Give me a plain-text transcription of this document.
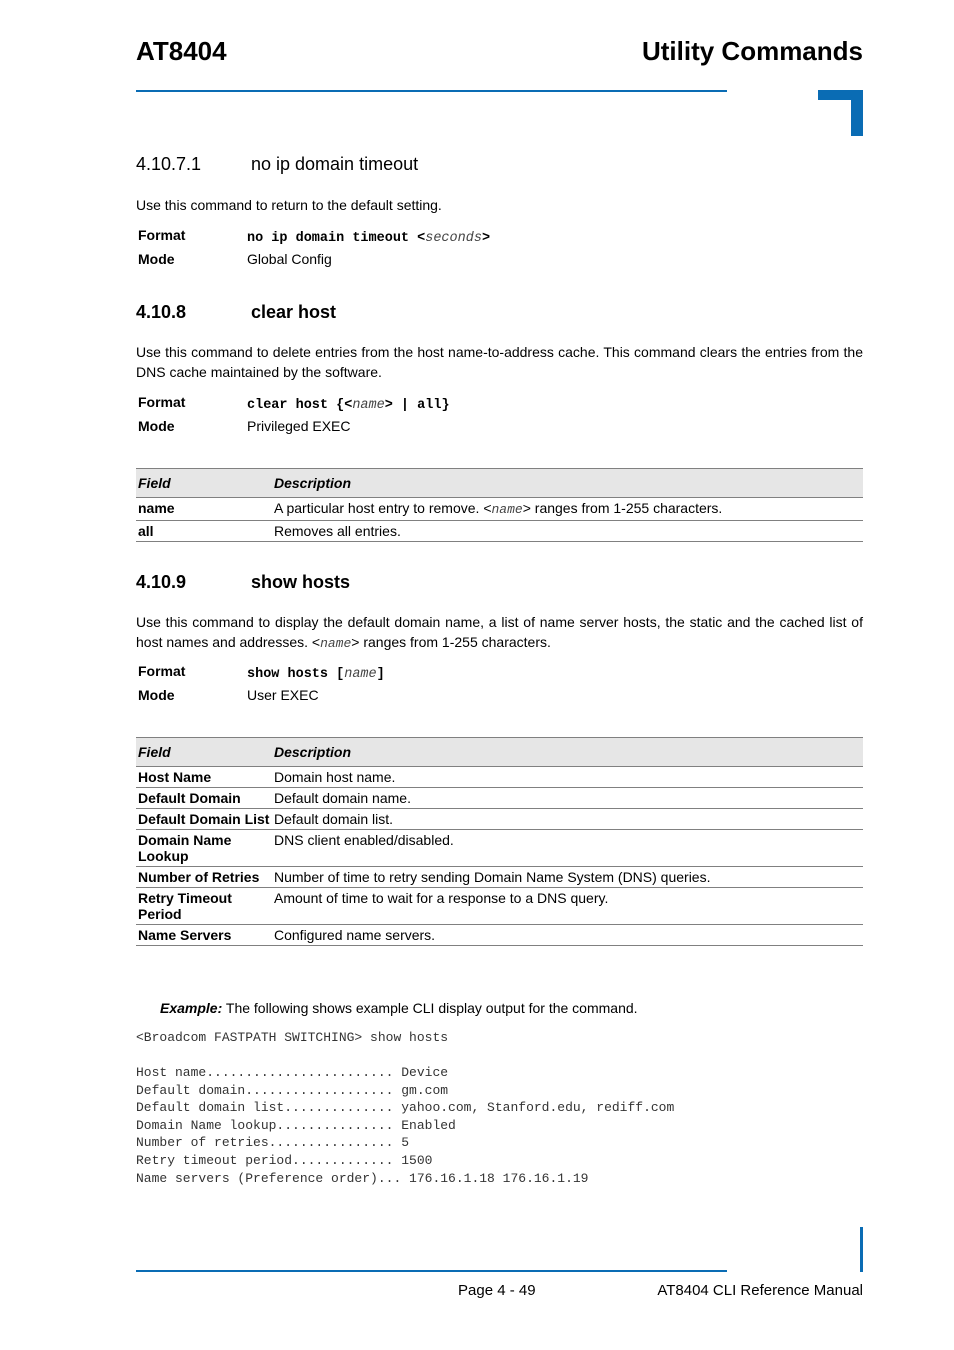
AT8404	Utility Commands
4.10.7.1	no ip domain timeout
Use this command to return to the default setting.
Format	no ip domain timeout <seconds>
Mode	Global Config
4.10.8	clear host
Use this command to delete entries from the host name-to-address cache. This command clears the entries from the DNS cache maintained by the software.
Format	clear host {<name> | all}
Mode	Privileged EXEC
Field	Description
name	A particular host entry to remove. <name> ranges from 1-255 characters.
all	Removes all entries.
4.10.9	show hosts
Use this command to display the default domain name, a list of name server hosts, the static and the cached list of host names and addresses. <name> ranges from 1-255 characters.
Format	show hosts [name]
Mode	User EXEC
Field	Description
Host Name	Domain host name.
Default Domain	Default domain name.
Default Domain List	Default domain list.
Domain Name Lookup	DNS client enabled/disabled.
Number of Retries	Number of time to retry sending Domain Name System (DNS) queries.
Retry Timeout Period	Amount of time to wait for a response to a DNS query.
Name Servers	Configured name servers.
Example: The following shows example CLI display output for the command.
<Broadcom FASTPATH SWITCHING> show hosts
Host name........................ Device
Default domain................... gm.com
Default domain list.............. yahoo.com, Stanford.edu, rediff.com
Domain Name lookup............... Enabled
Number of retries................ 5
Retry timeout period............. 1500
Name servers (Preference order)... 176.16.1.18 176.16.1.19
Page 4 - 49	AT8404 CLI Reference Manual
